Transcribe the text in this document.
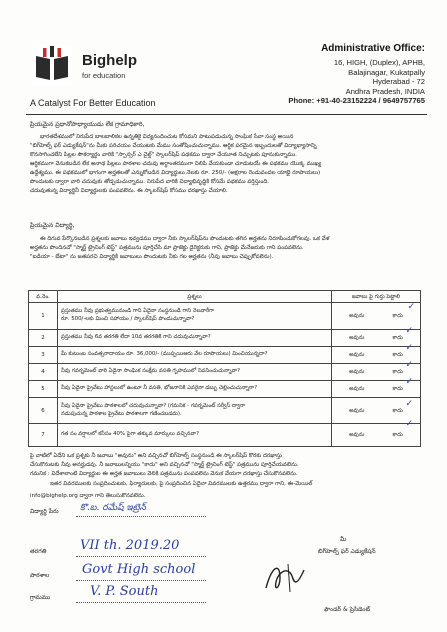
Bighelp
for education
A Catalyst For Better Education
Administrative Office:
16, HIGH, (Duplex), APHB,
Balajinagar, Kukatpally
Hyderabad - 72
Andhra Pradesh, INDIA
Phone: +91-40-23152224 / 9649757765
ప్రియమైన ప్రధానోపాధ్యాయుడు లేక గ్రామాధికారి,
భారతదేశములో నిరుపేద బాలబాలికల ఉన్నతికై విద్యనందించుట కోసమని పాటుపడుచున్న సాంఘిక సేవా సంస్థ అయిన
"బిగ్‌హెల్ప్ ఫర్ ఎడ్యుకేషన్"ను మీకు పరిచయం చేయుటకు మేము సంతోషించుచున్నాము. ఆర్థిక పరమైన ఇబ్బందులతో విద్యాభ్యాసాన్ని
కొనసాగించలేని పిల్లల సౌకర్యార్థం వారికి "స్పాన్సర్ ఎ చైల్డ్" స్కాలర్‌షిప్ పథకము ద్వారా చేయూత నిచ్చుటకు పూనుకున్నాము.
ఆర్థికముగా వెనుకబడిన లేక అనాథ పిల్లలు పాఠశాల చదువు అర్థాంతరముగా నిలిపి వేయకుండా చూడుటయే ఈ పథకము యొక్క ముఖ్య
ఉద్దేశ్యము. ఈ పథకములో భాగంగా అర్హతలతో ఎన్నుకోబడిన విద్యార్థులు నెలకు రూ. 250/- (అక్షరాల రెండువందల యాభై రూపాయలు)
పొందుటకు ద్వారా వారి చదువుకు తోడ్పడుచున్నాము. నిరుపేద వారికి విద్యాభివృద్ధికి కోసమే పథకము వర్తిస్తుంది.
చదువుతున్న విద్యార్థినీ విద్యార్థులకు పంపవలెను. ఈ స్కాలర్‌షిప్ కోసము దరఖాస్తు చేయాలి.
ప్రియమైన విద్యార్థి,
ఈ దిగువ పేర్కొనబడిన ప్రశ్నలకు జవాబు ఇవ్వడము ద్వారా నీకు స్కాలర్‌షిప్‌ను పొందుటకు తగిన అర్హతను నిరూపించుకోగలవు. ఒక వేళ
అర్హతను పొందినచో "స్మార్ట్ ట్రైనింగ్ టెస్ట్" పత్రమును పూర్తిచేసి మా ప్రాజెక్టు డైరెక్టరుకు గాని, ప్రాజెక్టు మేనేజరుకు గాని పంపవలెను.
"ఐడియా - బేటా" ను జతపరచి విద్యార్థికి జవాబులు పొందుటకు నీకు గల అర్హతను (నీవు జవాబు చెప్పుకోవలెను).
వ.నెం.	ప్రశ్నలు	జవాబు పై గుర్తు పెట్టాలి
1	ప్రస్తుతము నీవు ప్రభుత్వమునుండి గాని ఏదైనా సంస్థనుండి గాని నెలవారీగా
రూ. 500/-లకు మించి సహాయం / స్కాలర్‌షిప్ పొందుచున్నావా?	అవును కాదు
✓

2	ప్రస్తుతము నీవు 6వ తరగతి లేదా 10వ తరగతికి గాని చదువుచున్నావా?	అవును కాదు
✓

3	మీ కుటుంబ సంవత్సరాదాయం రూ. 36,000/- (ముప్పయిఆరు వేల రూపాయలు) మించియున్నదా?	అవును కాదు
✓

4	నీవు గవర్నమెంట్ వారి ఏదైనా సాంఘిక సంక్షేమ వసతి గృహములో నివసించుచున్నావా?	అవును కాదు
✓

5	నీవు ఏదైనా ప్రైవేటు హాస్టలులో ఉంటూ నీ వసతి, భోజనానికి ఎవరైనా డబ్బు చెల్లించుచున్నారా?	అవును కాదు
✓

6	నీవు ఏదైనా ప్రైవేటు పాఠశాలలో చదువుచున్నావా? (గమనిక - గవర్నమెంట్ సర్వీస్ ద్వారా
నడుపుచున్న పాఠశాల ప్రైవేటు పాఠశాలగా గణించబడదు).	అవును కాదు
✓

7	గత సం వర్షాలలో కనీసం 40% పైగా తక్కువ మార్కులు వచ్చినవా?	అవును కాదు
✓
పై వాటిలో ఏదేని ఒక ప్రశ్నకు నీ జవాబు "అవును" అని వచ్చినచో బిగ్‌హెల్ప్ సంస్థనుండి ఈ స్కాలర్‌షిప్ కొరకు దరఖాస్తు
చేసుకొనుటకు నీవు అనర్హుడవు. నీ జవాబులన్నియు "కాదు" అని వచ్చినచో "స్మార్ట్ ట్రైనింగ్ టెస్ట్" పత్రమును పూర్తిచేయవలెను.
గమనిక : విదేశాలాంటి విద్యార్థుల ఈ అర్హత జవాబులు వెలికి పత్రమును పంపవలెను వెనుక వేయగా దరఖాస్తు చేసుకొనవలెను.
ఇతర వివరములకు సంప్రదించుటకు, ఫిర్యాదులకు, పై సంప్రదించిన ఏదైనా వివరములకు ఉత్తరము ద్వారా గాని, ఈ-మెయిల్
info@bighelp.org ద్వారా గాని తెలుసుకొనవలెను.
విద్యార్థి పేరు కొ.బ. రమేష్ ఇట్రెన్
తరగతి	VII th. 2019.20
పాఠశాల	Govt High school
గ్రామము	V. P. South
మీ
బిగ్‌హెల్ప్ ఫర్ ఎడ్యుకేషన్
ఫౌండర్ & ప్రెసిడెంట్
